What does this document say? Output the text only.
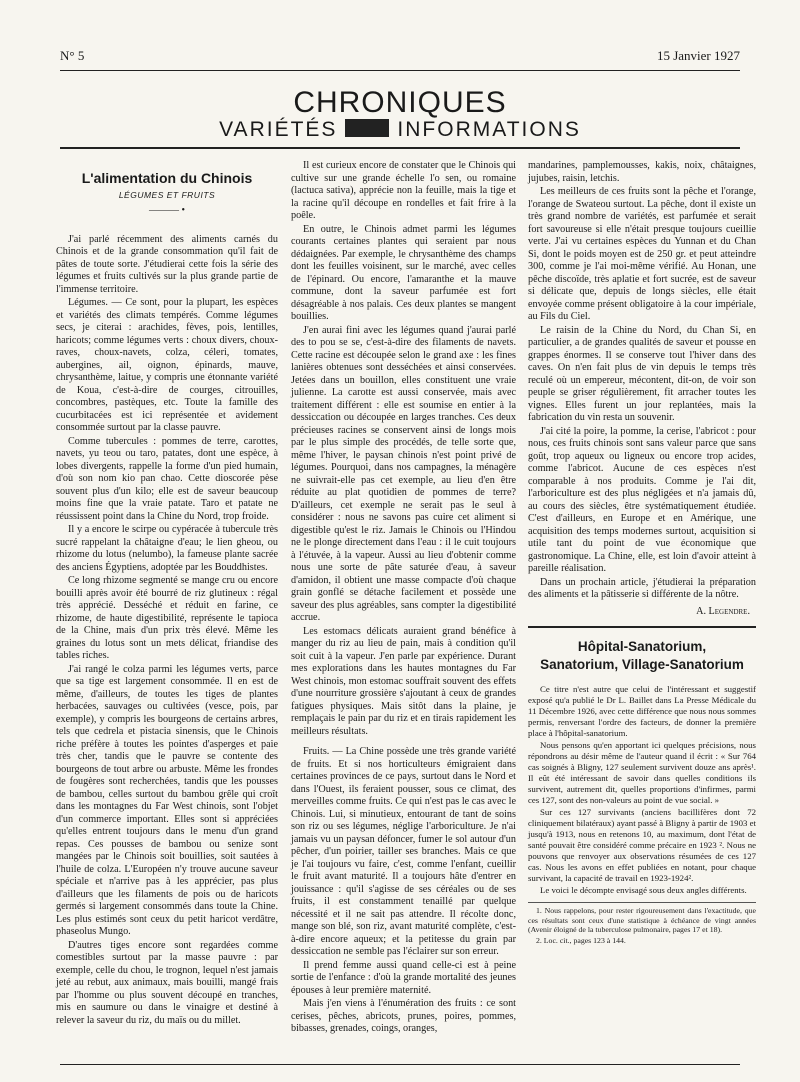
N° 5	15 Janvier 1927
CHRONIQUES
VARIÉTÉS	INFORMATIONS
L'alimentation du Chinois
LÉGUMES ET FRUITS
——— •

J'ai parlé récemment des aliments carnés du Chinois et de la grande consommation qu'il fait de pâtes de toute sorte. J'étudierai cette fois la série des légumes et fruits cultivés sur la plus grande partie de l'immense territoire.

Légumes. — Ce sont, pour la plupart, les espèces et variétés des climats tempérés. Comme légumes secs, je citerai : arachides, fèves, pois, lentilles, haricots; comme légumes verts : choux divers, choux-raves, choux-navets, colza, céleri, tomates, aubergines, ail, oignon, épinards, mauve, chrysanthème, laitue, y compris une étonnante variété de Koua, c'est-à-dire de courges, citrouilles, concombres, pastèques, etc. Toute la famille des cucurbitacées est ici représentée et avidement consommée surtout par la classe pauvre.

Comme tubercules : pommes de terre, carottes, navets, yu teou ou taro, patates, dont une espèce, à lobes divergents, rappelle la forme d'un pied humain, d'où son nom kio pan chao. Cette dioscorée pèse souvent plus d'un kilo; elle est de saveur beaucoup moins fine que la vraie patate. Taro et patate ne réussissent point dans la Chine du Nord, trop froide.

Il y a encore le scirpe ou cypéracée à tubercule très sucré rappelant la châtaigne d'eau; le lien gheou, ou rhizome du lotus (nelumbo), la fameuse plante sacrée des anciens Égyptiens, adoptée par les Bouddhistes.

Ce long rhizome segmenté se mange cru ou encore bouilli après avoir été bourré de riz glutineux : régal très apprécié. Desséché et réduit en farine, ce rhizome, de haute digestibilité, représente le tapioca de la Chine, mais d'un prix très élevé. Même les graines du lotus sont un mets délicat, friandise des tables riches.

J'ai rangé le colza parmi les légumes verts, parce que sa tige est largement consommée. Il en est de même, d'ailleurs, de toutes les tiges de plantes herbacées, sauvages ou cultivées (vesce, pois, par exemple), y compris les bourgeons de certains arbres, tels que cedrela et pistacia sinensis, que le Chinois riche préfère à toutes les pointes d'asperges et paie très cher, tandis que le pauvre se contente des bourgeons de tout arbre ou arbuste. Même les frondes de fougères sont recherchées, tandis que les pousses de bambou, celles surtout du bambou grêle qui croît dans les montagnes du Far West chinois, sont l'objet d'un commerce important. Elles sont si appréciées qu'elles entrent toujours dans le menu d'un grand repas. Ces pousses de bambou ou senize sont mangées par le Chinois soit bouillies, soit sautées à l'huile de colza. L'Européen n'y trouve aucune saveur spéciale et n'arrive pas à les apprécier, pas plus d'ailleurs que les filaments de pois ou de haricots germés si largement consommés dans toute la Chine. Les plus estimés sont ceux du petit haricot verdâtre, phaseolus Mungo.

D'autres tiges encore sont regardées comme comestibles surtout par la masse pauvre : par exemple, celle du chou, le trognon, lequel n'est jamais jeté au rebut, aux animaux, mais bouilli, mangé frais par l'homme ou plus souvent découpé en tranches, mis en saumure ou dans le vinaigre et destiné à relever la saveur du riz, du maïs ou du millet.

Il est curieux encore de constater que le Chinois qui cultive sur une grande échelle l'o sen, ou romaine (lactuca sativa), apprécie non la feuille, mais la tige et la racine qu'il découpe en rondelles et fait frire à la poêle.

En outre, le Chinois admet parmi les légumes courants certaines plantes qui seraient par nous dédaignées. Par exemple, le chrysanthème des champs dont les feuilles voisinent, sur le marché, avec celles de l'épinard. Ou encore, l'amaranthe et la mauve commune, dont la saveur parfumée est fort désagréable à nos palais. Ces deux plantes se mangent bouillies.

J'en aurai fini avec les légumes quand j'aurai parlé des to pou se se, c'est-à-dire des filaments de navets. Cette racine est découpée selon le grand axe : les fines lanières obtenues sont desséchées et ainsi conservées. Jetées dans un bouillon, elles constituent une vraie julienne. La carotte est aussi conservée, mais avec traitement différent : elle est soumise en entier à la dessiccation ou découpée en larges tranches. Ces deux précieuses racines se conservent ainsi de longs mois par le plus simple des procédés, de telle sorte que, même l'hiver, le paysan chinois n'est point privé de légumes. Pourquoi, dans nos campagnes, la ménagère ne suivrait-elle pas cet exemple, au lieu d'en être réduite au plat quotidien de pommes de terre? D'ailleurs, cet exemple ne serait pas le seul à considérer : nous ne savons pas cuire cet aliment si digestible qu'est le riz. Jamais le Chinois ou l'Hindou ne le plonge directement dans l'eau : il le cuit toujours à l'étuvée, à la vapeur. Aussi au lieu d'obtenir comme nous une sorte de pâte saturée d'eau, à saveur d'amidon, il obtient une masse compacte d'où chaque grain gonflé se détache facilement et possède une saveur des plus agréables, sans compter la digestibilité accrue.

Les estomacs délicats auraient grand bénéfice à manger du riz au lieu de pain, mais à condition qu'il soit cuit à la vapeur. J'en parle par expérience. Durant mes explorations dans les hautes montagnes du Far West chinois, mon estomac souffrait souvent des effets d'une nourriture grossière s'ajoutant à ceux de grandes fatigues physiques. Mais sitôt dans la plaine, je remplaçais le pain par du riz et en tirais rapidement les meilleurs résultats.

Fruits. — La Chine possède une très grande variété de fruits. Et si nos horticulteurs émigraient dans certaines provinces de ce pays, surtout dans le Nord et dans l'Ouest, ils feraient pousser, sous ce climat, des merveilles comme fruits. Ce qui n'est pas le cas avec le Chinois. Lui, si minutieux, entourant de tant de soins son riz ou ses légumes, néglige l'arboriculture. Je n'ai jamais vu un paysan défoncer, fumer le sol autour d'un pêcher, d'un poirier, tailler ses branches. Mais ce que je l'ai toujours vu faire, c'est, comme l'enfant, cueillir le fruit avant maturité. Il a toujours hâte d'entrer en jouissance : qu'il s'agisse de ses céréales ou de ses fruits, il est constamment tenaillé par quelque nécessité et il ne sait pas attendre. Il récolte donc, mange son blé, son riz, avant maturité complète, c'est-à-dire encore aqueux; et la petitesse du grain par dessiccation ne semble pas l'éclairer sur son erreur.

Il prend femme aussi quand celle-ci est à peine sortie de l'enfance : d'où la grande mortalité des jeunes épouses à leur première maternité.

Mais j'en viens à l'énumération des fruits : ce sont cerises, pêches, abricots, prunes, poires, pommes, bibasses, grenades, coings, oranges,

mandarines, pamplemousses, kakis, noix, châtaignes, jujubes, raisin, letchis.

Les meilleurs de ces fruits sont la pêche et l'orange, l'orange de Swateou surtout. La pêche, dont il existe un très grand nombre de variétés, est parfumée et serait fort savoureuse si elle n'était presque toujours cueillie verte. J'ai vu certaines espèces du Yunnan et du Chan Si, dont le poids moyen est de 250 gr. et peut atteindre 300, comme je l'ai moi-même vérifié. Au Honan, une pêche discoïde, très aplatie et fort sucrée, est de saveur si délicate que, depuis de longs siècles, elle était envoyée comme présent obligatoire à la cour impériale, au Fils du Ciel.

Le raisin de la Chine du Nord, du Chan Si, en particulier, a de grandes qualités de saveur et pousse en grappes énormes. Il se conserve tout l'hiver dans des caves. On n'en fait plus de vin depuis le temps très reculé où un empereur, mécontent, dit-on, de voir son peuple se griser régulièrement, fit arracher toutes les vignes. Elles furent un jour replantées, mais la fabrication du vin resta un souvenir.

J'ai cité la poire, la pomme, la cerise, l'abricot : pour nous, ces fruits chinois sont sans valeur parce que sans goût, trop aqueux ou ligneux ou encore trop acides, comme l'abricot. Aucune de ces espèces n'est comparable à nos produits. Comme je l'ai dit, l'arboriculture est des plus négligées et n'a jamais dû, au cours des siècles, être systématiquement étudiée. C'est d'ailleurs, en Europe et en Amérique, une acquisition des temps modernes surtout, acquisition si utile tant du point de vue économique que gastronomique. La Chine, elle, est loin d'avoir atteint à pareille réalisation.

Dans un prochain article, j'étudierai la préparation des aliments et la pâtisserie si différente de la nôtre.

A. Legendre.
Hôpital-Sanatorium,
Sanatorium, Village-Sanatorium

Ce titre n'est autre que celui de l'intéressant et suggestif exposé qu'a publié le Dr L. Baillet dans La Presse Médicale du 11 Décembre 1926, avec cette différence que nous nous sommes permis, renversant l'ordre des facteurs, de donner la première place à l'hôpital-sanatorium.

Nous pensons qu'en apportant ici quelques précisions, nous répondrons au désir même de l'auteur quand il écrit : « Sur 764 cas soignés à Bligny, 127 seulement survivent douze ans après¹. Il eût été intéressant de savoir dans quelles conditions ils survivent, autrement dit, quelles proportions d'infirmes, parmi ces 127, sont des non-valeurs au point de vue social. »

Sur ces 127 survivants (anciens bacillifères dont 72 cliniquement bilatéraux) ayant passé à Bligny à partir de 1903 et jusqu'à 1913, nous en retenons 10, au maximum, dont l'état de santé pouvait être considéré comme précaire en 1923 ². Nous ne pouvons que renvoyer aux observations résumées de ces 127 cas. Nous les avons en effet publiées en notant, pour chaque survivant, la capacité de travail en 1923-1924².

Le voici le décompte envisagé sous deux angles différents.

1. Nous rappelons, pour rester rigoureusement dans l'exactitude, que ces résultats sont ceux d'une statistique à échéance de vingt années (Avenir éloigné de la tuberculose pulmonaire, pages 17 et 18).

2. Loc. cit., pages 123 à 144.
